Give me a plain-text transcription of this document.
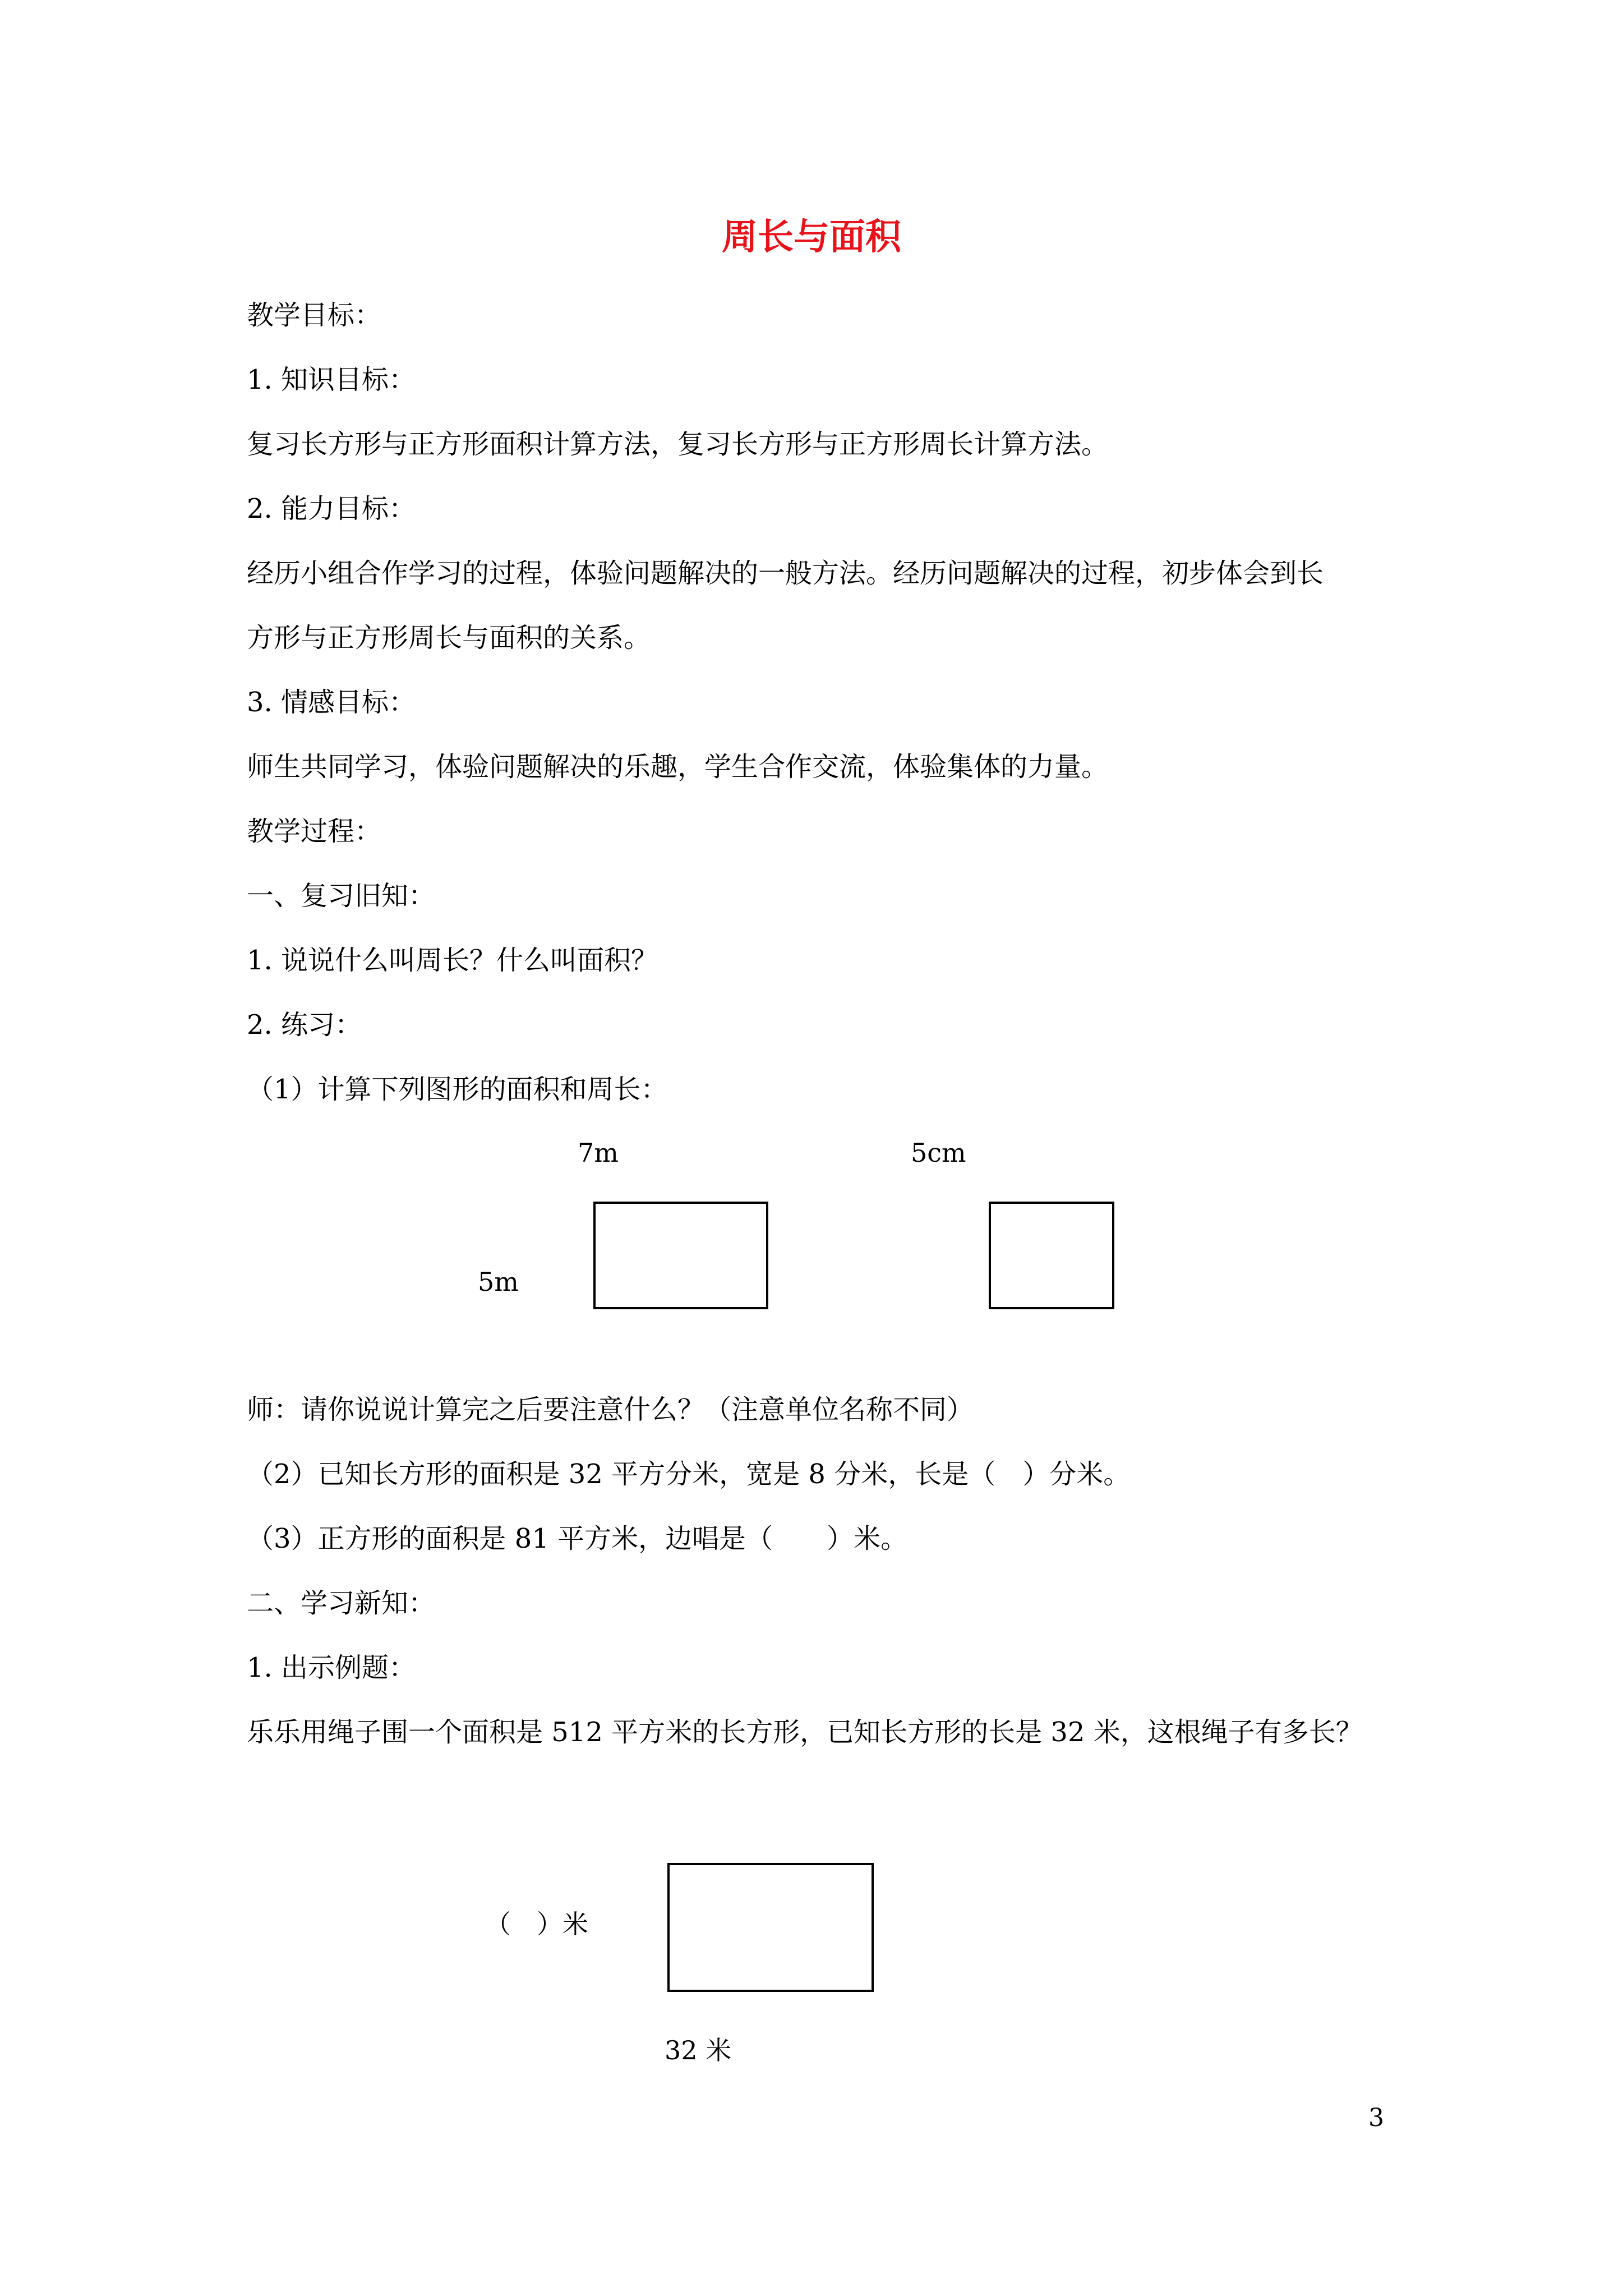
周长与面积
教学目标：
1. 知识目标：
复习长方形与正方形面积计算方法，复习长方形与正方形周长计算方法。
2. 能力目标：
经历小组合作学习的过程，体验问题解决的一般方法。经历问题解决的过程，初步体会到长
方形与正方形周长与面积的关系。
3. 情感目标：
师生共同学习，体验问题解决的乐趣，学生合作交流，体验集体的力量。
教学过程：
一、复习旧知：
1. 说说什么叫周长？什么叫面积？
2. 练习：
（1）计算下列图形的面积和周长：
7m
5m
5cm
师：请你说说计算完之后要注意什么？（注意单位名称不同）
（2）已知长方形的面积是 32 平方分米，宽是 8 分米，长是（　）分米。
（3）正方形的面积是 81 平方米，边唱是（　　）米。
二、学习新知：
1. 出示例题：
乐乐用绳子围一个面积是 512 平方米的长方形，已知长方形的长是 32 米，这根绳子有多长？
（　）米
32 米
3
